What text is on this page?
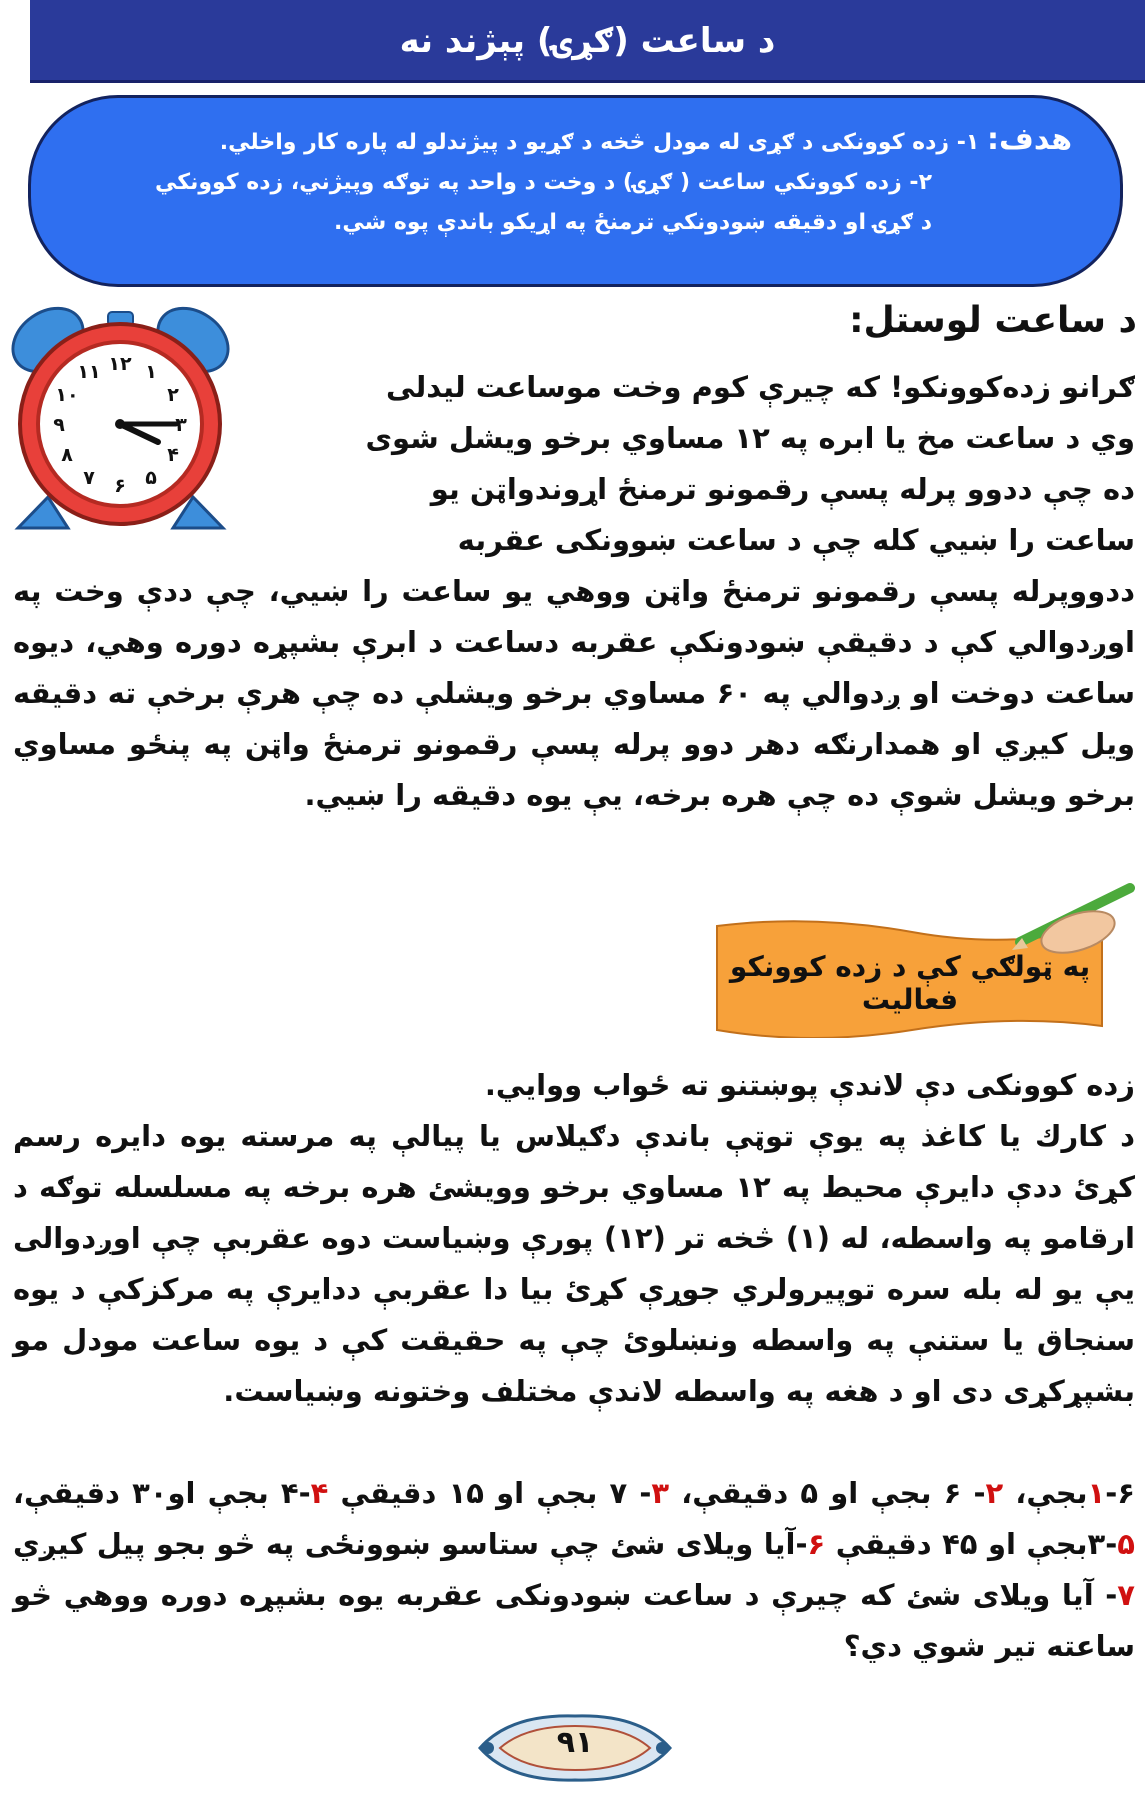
د ساعت (ګړۍ) پېژند نه
هدف: ۱- زده کوونکی د ګړی له مودل څخه د ګړیو د پیژندلو له پاره کار واخلي.
۲- زده کوونکي ساعت ( ګړۍ) د وخت د واحد په توګه وپیژني، زده کوونکي
د ګړۍ او دقیقه ښودونکي ترمنځ په اړیکو باندې پوه شي.
۱۲ ۱
۲
۳
۴
۵
۶
۷
۸
۹
۱۰
۱۱
د ساعت لوستل:

ګرانو زده‌کوونکو! که چیرې کوم وخت موساعت لیدلی

وي د ساعت مخ یا ابره په ۱۲ مساوي برخو ویشل شوی

ده چې ددوو پرله پسې رقمونو ترمنځ اړوندواټن یو

ساعت را ښیي کله چې د ساعت ښوونکی عقربه

ددووپرله پسې رقمونو ترمنځ واټن ووهي یو ساعت را ښیي، چې ددې وخت په اوږدوالي کې د دقیقې ښودونکې عقربه دساعت د ابرې بشپړه دوره وهي، دیوه ساعت دوخت او ږدوالي په ۶۰ مساوي برخو ویشلې ده چې هرې برخې ته دقیقه ویل کیږي او همدارنګه دهر دوو پرله پسې رقمونو ترمنځ واټن په پنځو مساوي برخو ویشل شوې ده چې هره برخه، یې یوه دقیقه را ښیي.

په ټولګي کې د زده کوونکو فعالیت

زده کوونکی دې لاندې پوښتنو ته ځواب ووایي.

د کارك یا کاغذ په یوې توټې باندې دګیلاس یا پیالې په مرسته یوه دایره رسم کړئ ددې دایرې محیط په ۱۲ مساوي برخو وویشئ هره برخه په مسلسله توګه د ارقامو په واسطه، له (۱) څخه تر (۱۲) پورې وښیاست دوه عقربې چې اوږدوالی یې یو له بله سره توپیرولري جوړې کړئ بیا دا عقربې ددایرې په مرکزکې د یوه سنجاق یا ستنې په واسطه ونښلوئ چې په حقیقت کې د یوه ساعت مودل مو بشپړکړی دی او د هغه په واسطه لاندې مختلف وختونه وښیاست.

۱-۶بجې، ۲- ۶ بجې او ۵ دقیقې، ۳- ۷ بجې او ۱۵ دقیقې ۴-۴ بجې او۳۰ دقیقې، ۵-۳بجې او ۴۵ دقیقې ۶-آیا ویلای شئ چې ستاسو ښوونځی په څو بجو پیل کیږي ۷- آیا ویلای شئ که چیرې د ساعت ښودونکی عقربه یوه بشپړه دوره ووهي څو ساعته تیر شوي دي؟

۹۱
